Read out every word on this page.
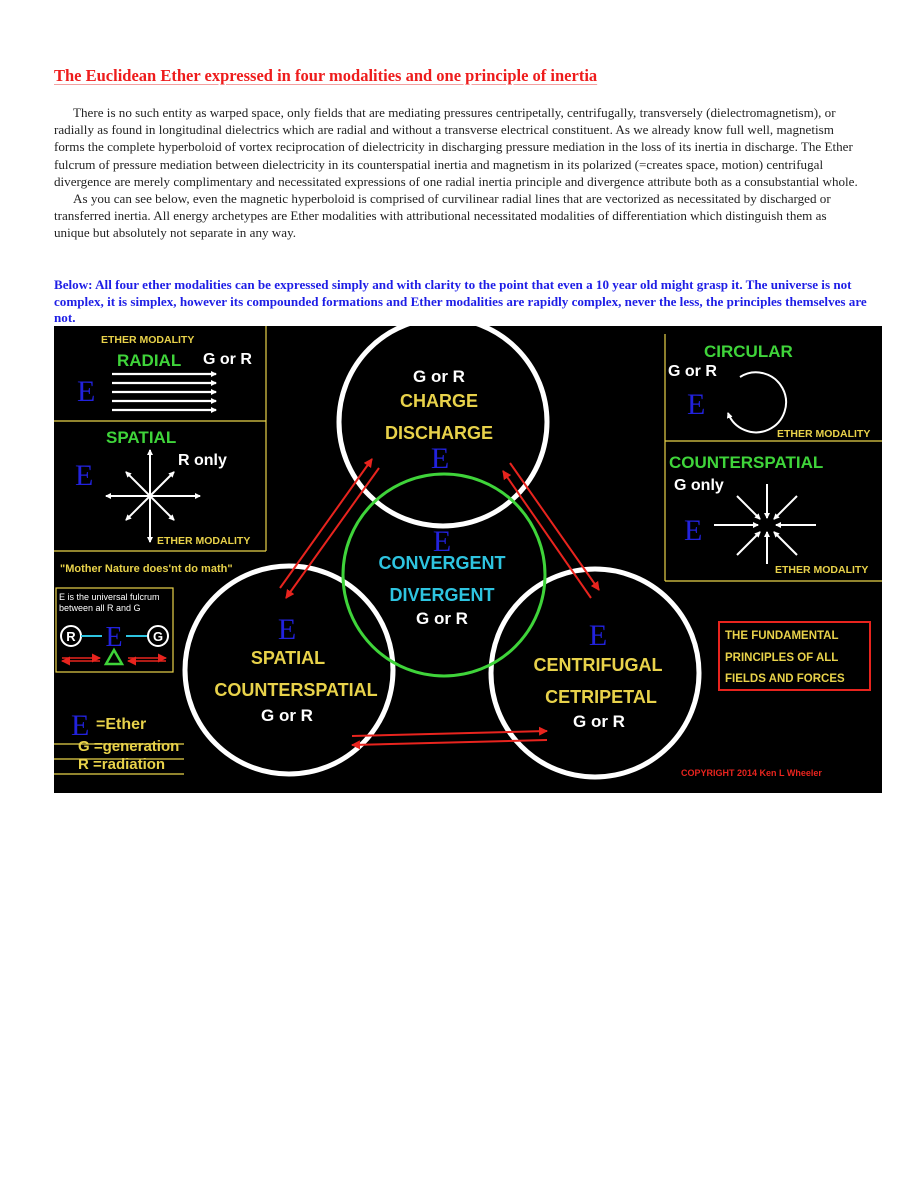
The Euclidean Ether expressed in four modalities and one principle of inertia

There is no such entity as warped space, only fields that are mediating pressures centripetally, centrifugally, transversely (dielectromagnetism), or radially as found in longitudinal dielectrics which are radial and without a transverse electrical constituent. As we already know full well, magnetism forms the complete hyperboloid of vortex reciprocation of dielectricity in discharging pressure mediation in the loss of its inertia in discharge. The Ether fulcrum of pressure mediation between dielectricity in its counterspatial inertia and magnetism in its polarized (=creates space, motion) centrifugal divergence are merely complimentary and necessitated expressions of one radial inertia principle and divergence attribute both as a consubstantial whole.

As you can see below, even the magnetic hyperboloid is comprised of curvilinear radial lines that are vectorized as necessitated by discharged or transferred inertia. All energy archetypes are Ether modalities with attributional necessitated modalities of differentiation which distinguish them as unique but absolutely not separate in any way.

Below: All four ether modalities can be expressed simply and with clarity to the point that even a 10 year old might grasp it. The universe is not complex, it is simplex, however its compounded formations and Ether modalities are rapidly complex, never the less, the principles themselves are not.
ETHER MODALITY
RADIAL G or R
E
SPATIAL
R only
E
ETHER MODALITY
"Mother Nature does'nt do math"
E is the universal fulcrum
between all R and G
R E G
E =Ether
G =generation
R =radiation
G or R
CHARGE
DISCHARGE
E
E
CONVERGENT
DIVERGENT
G or R
E
SPATIAL
COUNTERSPATIAL
G or R
E
CENTRIFUGAL
CETRIPETAL
G or R
CIRCULAR
G or R
E
ETHER MODALITY
COUNTERSPATIAL
G only
E
ETHER MODALITY
THE FUNDAMENTAL
PRINCIPLES OF ALL
FIELDS AND FORCES
COPYRIGHT 2014 Ken L Wheeler
